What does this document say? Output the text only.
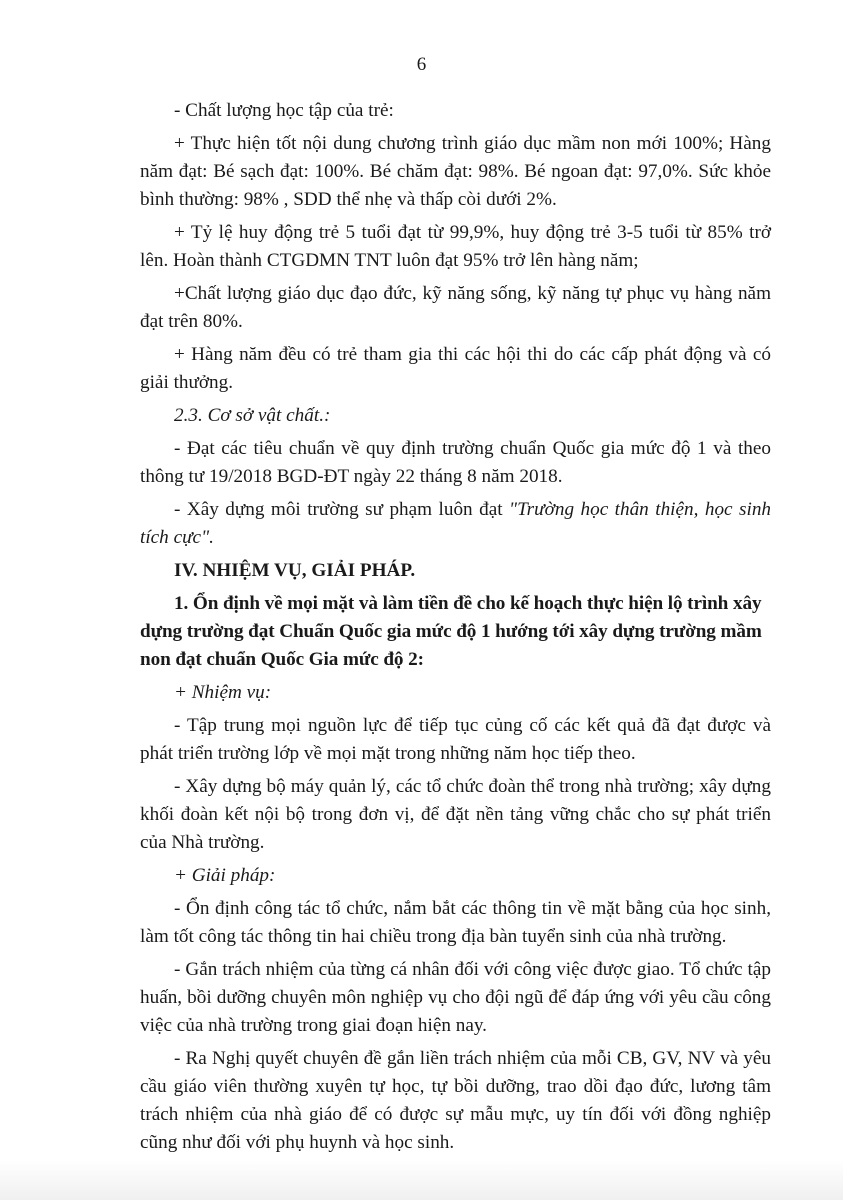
6

- Chất lượng học tập của trẻ:

+ Thực hiện tốt nội dung chương trình giáo dục mầm non mới 100%; Hàng năm đạt: Bé sạch đạt: 100%. Bé chăm đạt: 98%. Bé ngoan đạt: 97,0%. Sức khỏe bình thường: 98% , SDD thể nhẹ và thấp còi dưới 2%.

+ Tỷ lệ huy động trẻ 5 tuổi đạt từ 99,9%, huy động trẻ 3-5 tuổi từ 85% trở lên. Hoàn thành CTGDMN TNT luôn đạt 95% trở lên hàng năm;

+Chất lượng giáo dục đạo đức, kỹ năng sống, kỹ năng tự phục vụ hàng năm đạt trên 80%.

+ Hàng năm đều có trẻ tham gia thi các hội thi do các cấp phát động và có giải thưởng.

2.3. Cơ sở vật chất.:

- Đạt các tiêu chuẩn về quy định trường chuẩn Quốc gia mức độ 1 và theo thông tư 19/2018 BGD-ĐT ngày 22 tháng 8 năm 2018.

- Xây dựng môi trường sư phạm luôn đạt "Trường học thân thiện, học sinh tích cực".

IV. NHIỆM VỤ, GIẢI PHÁP.

1. Ổn định về mọi mặt và làm tiền đề cho kế hoạch thực hiện lộ trình xây dựng trường đạt Chuẩn Quốc gia mức độ 1 hướng tới xây dựng trường mầm non đạt chuẩn Quốc Gia mức độ 2:

+ Nhiệm vụ:

- Tập trung mọi nguồn lực để tiếp tục củng cố các kết quả đã đạt được và phát triển trường lớp về mọi mặt trong những năm học tiếp theo.

- Xây dựng bộ máy quản lý, các tổ chức đoàn thể trong nhà trường; xây dựng khối đoàn kết nội bộ trong đơn vị, để đặt nền tảng vững chắc cho sự phát triển của Nhà trường.

+ Giải pháp:

- Ổn định công tác tổ chức, nắm bắt các thông tin về mặt bằng của học sinh, làm tốt công tác thông tin hai chiều trong địa bàn tuyển sinh của nhà trường.

- Gắn trách nhiệm của từng cá nhân đối với công việc được giao. Tổ chức tập huấn, bồi dưỡng chuyên môn nghiệp vụ cho đội ngũ để đáp ứng với yêu cầu công việc của nhà trường trong giai đoạn hiện nay.

- Ra Nghị quyết chuyên đề gắn liền trách nhiệm của mỗi CB, GV, NV và yêu cầu giáo viên thường xuyên tự học, tự bồi dưỡng, trao dồi đạo đức, lương tâm trách nhiệm của nhà giáo để có được sự mẫu mực, uy tín đối với đồng nghiệp cũng như đối với phụ huynh và học sinh.
